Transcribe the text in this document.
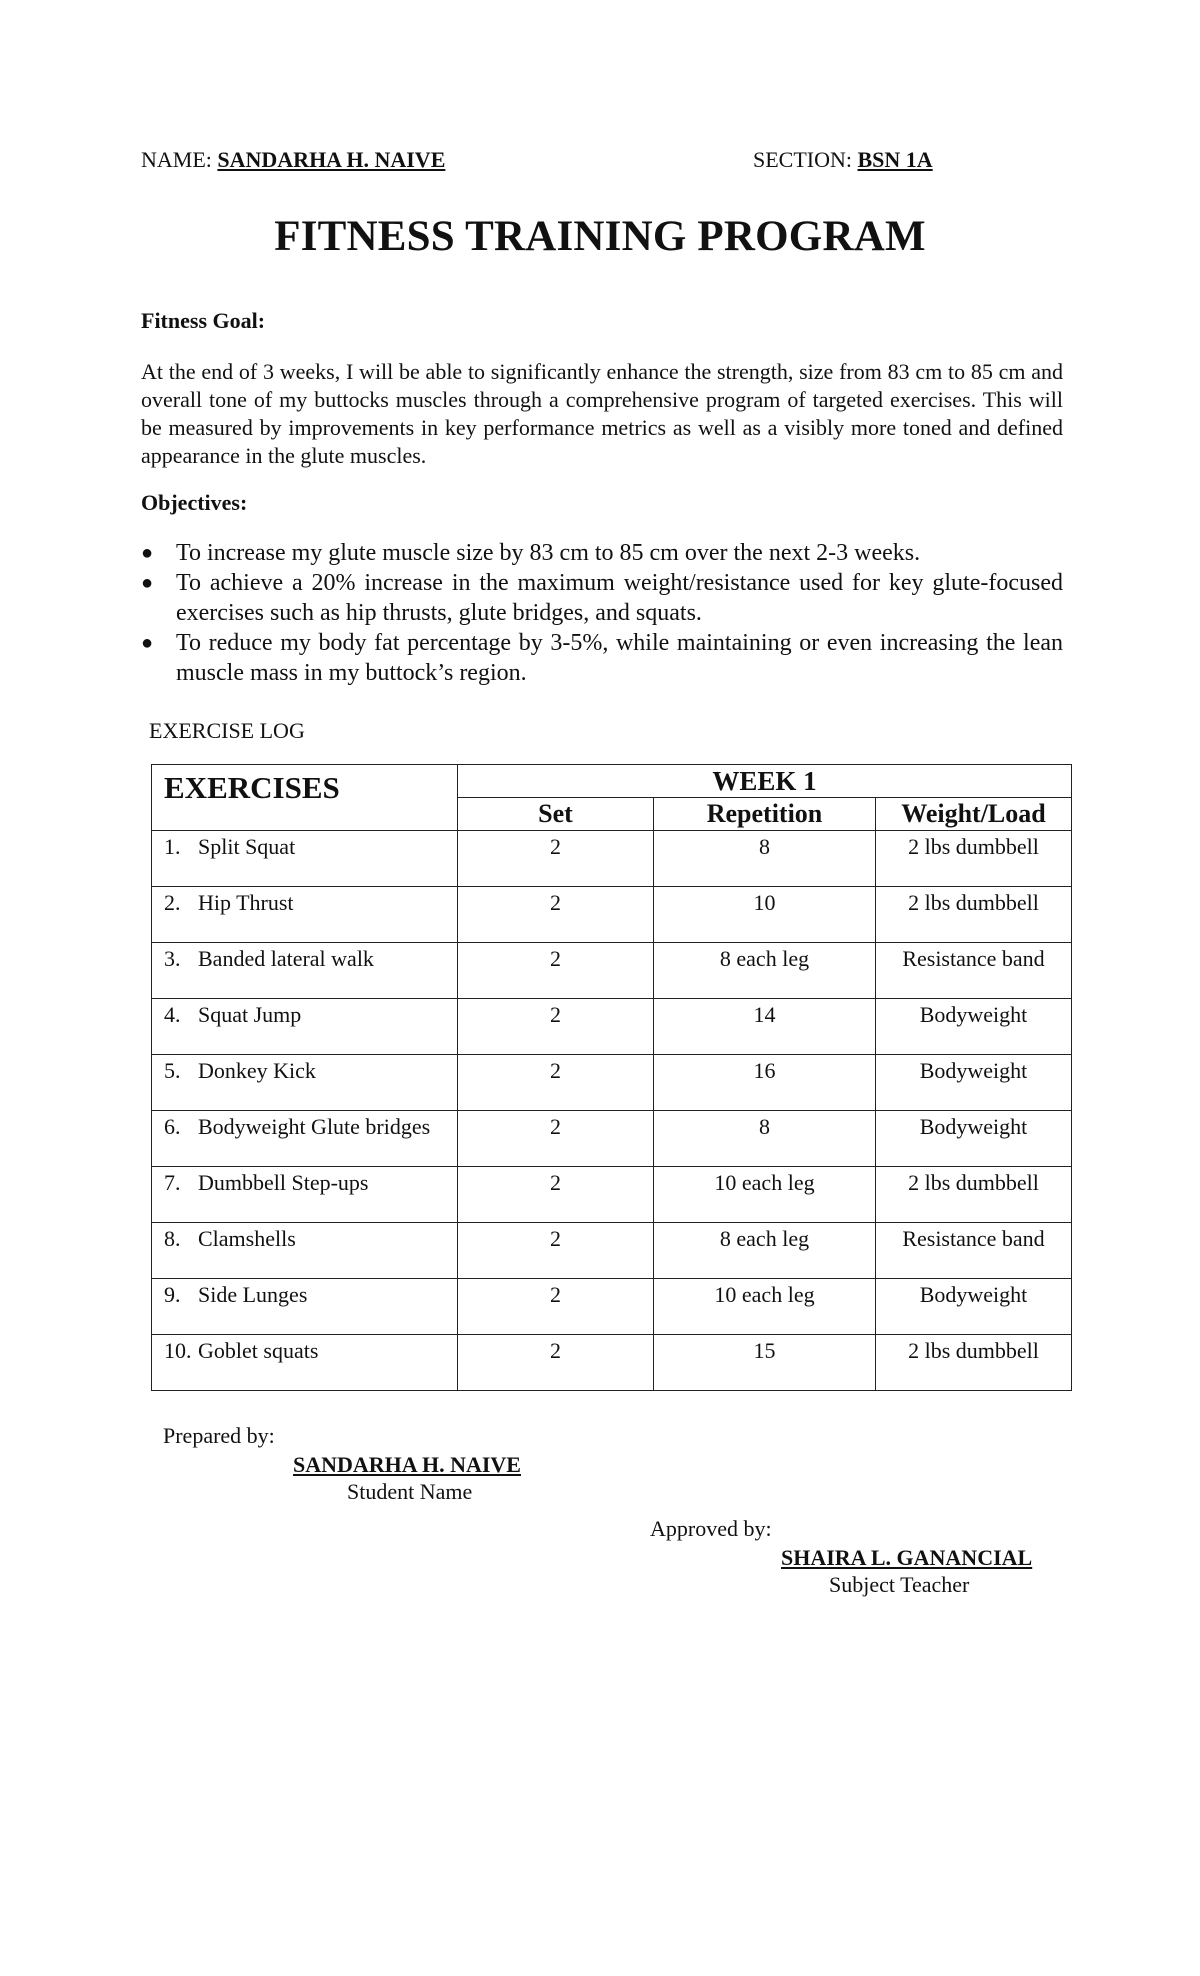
NAME: SANDARHA H. NAIVE	SECTION: BSN 1A
FITNESS TRAINING PROGRAM
Fitness Goal:
At the end of 3 weeks, I will be able to significantly enhance the strength, size from 83 cm to 85 cm and overall tone of my buttocks muscles through a comprehensive program of targeted exercises. This will be measured by improvements in key performance metrics as well as a visibly more toned and defined appearance in the glute muscles.
Objectives:
● To increase my glute muscle size by 83 cm to 85 cm over the next 2-3 weeks.
● To achieve a 20% increase in the maximum weight/resistance used for key glute-focused exercises such as hip thrusts, glute bridges, and squats.
● To reduce my body fat percentage by 3-5%, while maintaining or even increasing the lean muscle mass in my buttock’s region.
EXERCISE LOG
EXERCISES	WEEK 1		
	Set	Repetition	Weight/Load
1. Split Squat	2	8	2 lbs dumbbell
2. Hip Thrust	2	10	2 lbs dumbbell
3. Banded lateral walk	2	8 each leg	Resistance band
4. Squat Jump	2	14	Bodyweight
5. Donkey Kick	2	16	Bodyweight
6. Bodyweight Glute bridges	2	8	Bodyweight
7. Dumbbell Step-ups	2	10 each leg	2 lbs dumbbell
8. Clamshells	2	8 each leg	Resistance band
9. Side Lunges	2	10 each leg	Bodyweight
10. Goblet squats	2	15	2 lbs dumbbell
Prepared by:
SANDARHA H. NAIVE
Student Name
Approved by:
SHAIRA L. GANANCIAL
Subject Teacher
